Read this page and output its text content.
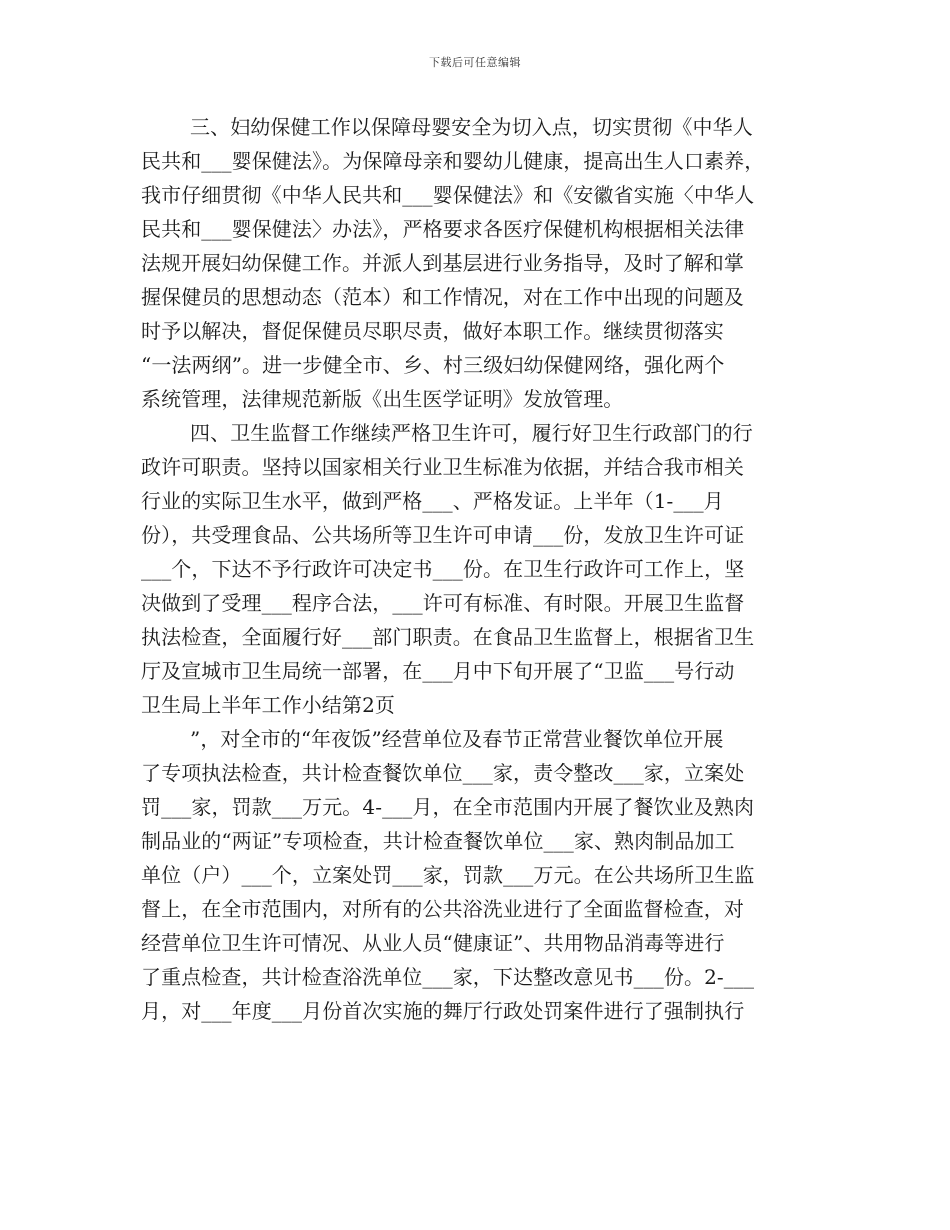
下载后可任意编辑
三、妇幼保健工作以保障母婴安全为切入点，切实贯彻《中华人
民共和___婴保健法》。为保障母亲和婴幼儿健康，提高出生人口素养，
我市仔细贯彻《中华人民共和___婴保健法》和《安徽省实施〈中华人
民共和___婴保健法〉办法》，严格要求各医疗保健机构根据相关法律
法规开展妇幼保健工作。并派人到基层进行业务指导，及时了解和掌
握保健员的思想动态（范本）和工作情况，对在工作中出现的问题及
时予以解决，督促保健员尽职尽责，做好本职工作。继续贯彻落实
“一法两纲”。进一步健全市、乡、村三级妇幼保健网络，强化两个
系统管理，法律规范新版《出生医学证明》发放管理。
四、卫生监督工作继续严格卫生许可，履行好卫生行政部门的行
政许可职责。坚持以国家相关行业卫生标准为依据，并结合我市相关
行业的实际卫生水平，做到严格___、严格发证。上半年（1-___月
份），共受理食品、公共场所等卫生许可申请___份，发放卫生许可证
___个，下达不予行政许可决定书___份。在卫生行政许可工作上，坚
决做到了受理___程序合法，___许可有标准、有时限。开展卫生监督
执法检查，全面履行好___部门职责。在食品卫生监督上，根据省卫生
厅及宣城市卫生局统一部署，在___月中下旬开展了“卫监___号行动
卫生局上半年工作小结第2页
”，对全市的“年夜饭”经营单位及春节正常营业餐饮单位开展
了专项执法检查，共计检查餐饮单位___家，责令整改___家，立案处
罚___家，罚款___万元。4-___月，在全市范围内开展了餐饮业及熟肉
制品业的“两证”专项检查，共计检查餐饮单位___家、熟肉制品加工
单位（户）___个，立案处罚___家，罚款___万元。在公共场所卫生监
督上，在全市范围内，对所有的公共浴洗业进行了全面监督检查，对
经营单位卫生许可情况、从业人员“健康证”、共用物品消毒等进行
了重点检查，共计检查浴洗单位___家，下达整改意见书___份。2-___
月，对___年度___月份首次实施的舞厅行政处罚案件进行了强制执行
